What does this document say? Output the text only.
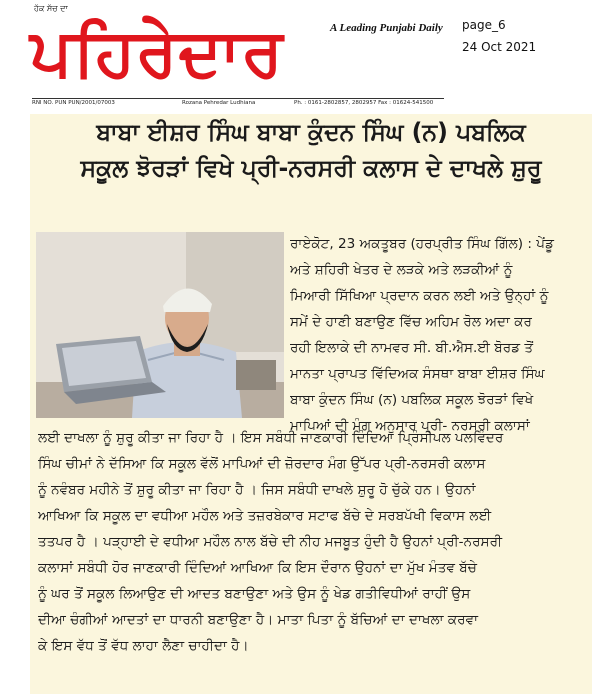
ਹੱਕ ਸੱਚ ਦਾ
ਪਹਿਰੇਦਾਰ	A Leading Punjabi Daily page_6
24 Oct 2021
RNI NO. PUN PUN/2001/07003	Rozana Pehredar Ludhiana	Ph. : 0161-2802857, 2802957 Fax : 01624-541500
ਬਾਬਾ ਈਸ਼ਰ ਸਿੰਘ ਬਾਬਾ ਕੁੰਦਨ ਸਿੰਘ (ਨ) ਪਬਲਿਕ
ਸਕੂਲ ਝੋਰੜਾਂ ਵਿਖੇ ਪ੍ਰੀ-ਨਰਸਰੀ ਕਲਾਸ ਦੇ ਦਾਖਲੇ ਸ਼ੁਰੂ
ਰਾਏਕੋਟ, 23 ਅਕਤੂਬਰ (ਹਰਪ੍ਰੀਤ ਸਿੰਘ ਗਿੱਲ) : ਪੇਂਡੂ
ਅਤੇ ਸ਼ਹਿਰੀ ਖੇਤਰ ਦੇ ਲੜਕੇ ਅਤੇ ਲੜਕੀਆਂ ਨੂੰ
ਮਿਆਰੀ ਸਿੱਖਿਆ ਪ੍ਰਦਾਨ ਕਰਨ ਲਈ ਅਤੇ ਉਨ੍ਹਾਂ ਨੂੰ
ਸਮੇਂ ਦੇ ਹਾਣੀ ਬਣਾਉਣ ਵਿੱਚ ਅਹਿਮ ਰੋਲ ਅਦਾ ਕਰ
ਰਹੀ ਇਲਾਕੇ ਦੀ ਨਾਮਵਰ ਸੀ. ਬੀ.ਐਸ.ਈ ਬੋਰਡ ਤੋਂ
ਮਾਨਤਾ ਪ੍ਰਾਪਤ ਵਿੱਦਿਅਕ ਸੰਸਥਾ ਬਾਬਾ ਈਸ਼ਰ ਸਿੰਘ
ਬਾਬਾ ਕੁੰਦਨ ਸਿੰਘ (ਨ) ਪਬਲਿਕ ਸਕੂਲ ਝੋਰੜਾਂ ਵਿਖੇ
ਮਾਪਿਆਂ ਦੀ ਮੰਗ ਅਨੁਸਾਰ ਪ੍ਰੀ- ਨਰਸਰੀ ਕਲਾਸਾਂ
ਲਈ ਦਾਖਲਾ ਨੂੰ ਸ਼ੁਰੂ ਕੀਤਾ ਜਾ ਰਿਹਾ ਹੈ । ਇਸ ਸਬੰਧੀ ਜਾਣਕਾਰੀ ਦਿੰਦਿਆ ਪ੍ਰਿੰਸੀਪਲ ਪਲਵਿੰਦਰ
ਸਿੰਘ ਚੀਮਾਂ ਨੇ ਦੱਸਿਆ ਕਿ ਸਕੂਲ ਵੱਲੋਂ ਮਾਪਿਆਂ ਦੀ ਜ਼ੋਰਦਾਰ ਮੰਗ ਉੱਪਰ ਪ੍ਰੀ-ਨਰਸਰੀ ਕਲਾਸ
ਨੂੰ ਨਵੰਬਰ ਮਹੀਨੇ ਤੋਂ ਸ਼ੁਰੂ ਕੀਤਾ ਜਾ ਰਿਹਾ ਹੈ । ਜਿਸ ਸਬੰਧੀ ਦਾਖਲੇ ਸ਼ੁਰੂ ਹੋ ਚੁੱਕੇ ਹਨ। ਉਹਨਾਂ
ਆਖਿਆ ਕਿ ਸਕੂਲ ਦਾ ਵਧੀਆ ਮਹੌਲ ਅਤੇ ਤਜ਼ਰਬੇਕਾਰ ਸਟਾਫ ਬੱਚੇ ਦੇ ਸਰਬਪੱਖੀ ਵਿਕਾਸ ਲਈ
ਤਤਪਰ ਹੈ । ਪੜ੍ਹਾਈ ਦੇ ਵਧੀਆ ਮਹੌਲ ਨਾਲ ਬੱਚੇ ਦੀ ਨੀਹ ਮਜਬੂਤ ਹੁੰਦੀ ਹੈ ਉਹਨਾਂ ਪ੍ਰੀ-ਨਰਸਰੀ
ਕਲਾਸਾਂ ਸਬੰਧੀ ਹੋਰ ਜਾਣਕਾਰੀ ਦਿੰਦਿਆਂ ਆਖਿਆ ਕਿ ਇਸ ਦੌਰਾਨ ਉਹਨਾਂ ਦਾ ਮੁੱਖ ਮੰਤਵ ਬੱਚੇ
ਨੂੰ ਘਰ ਤੋਂ ਸਕੂਲ ਲਿਆਉਣ ਦੀ ਆਦਤ ਬਣਾਉਣਾ ਅਤੇ ਉਸ ਨੂੰ ਖੇਡ ਗਤੀਵਿਧੀਆਂ ਰਾਹੀਂ ਉਸ
ਦੀਆ ਚੰਗੀਆਂ ਆਦਤਾਂ ਦਾ ਧਾਰਨੀ ਬਣਾਉਣਾ ਹੈ। ਮਾਤਾ ਪਿਤਾ ਨੂੰ ਬੱਚਿਆਂ ਦਾ ਦਾਖਲਾ ਕਰਵਾ
ਕੇ ਇਸ ਵੱਧ ਤੋਂ ਵੱਧ ਲਾਹਾ ਲੈਣਾ ਚਾਹੀਦਾ ਹੈ।
